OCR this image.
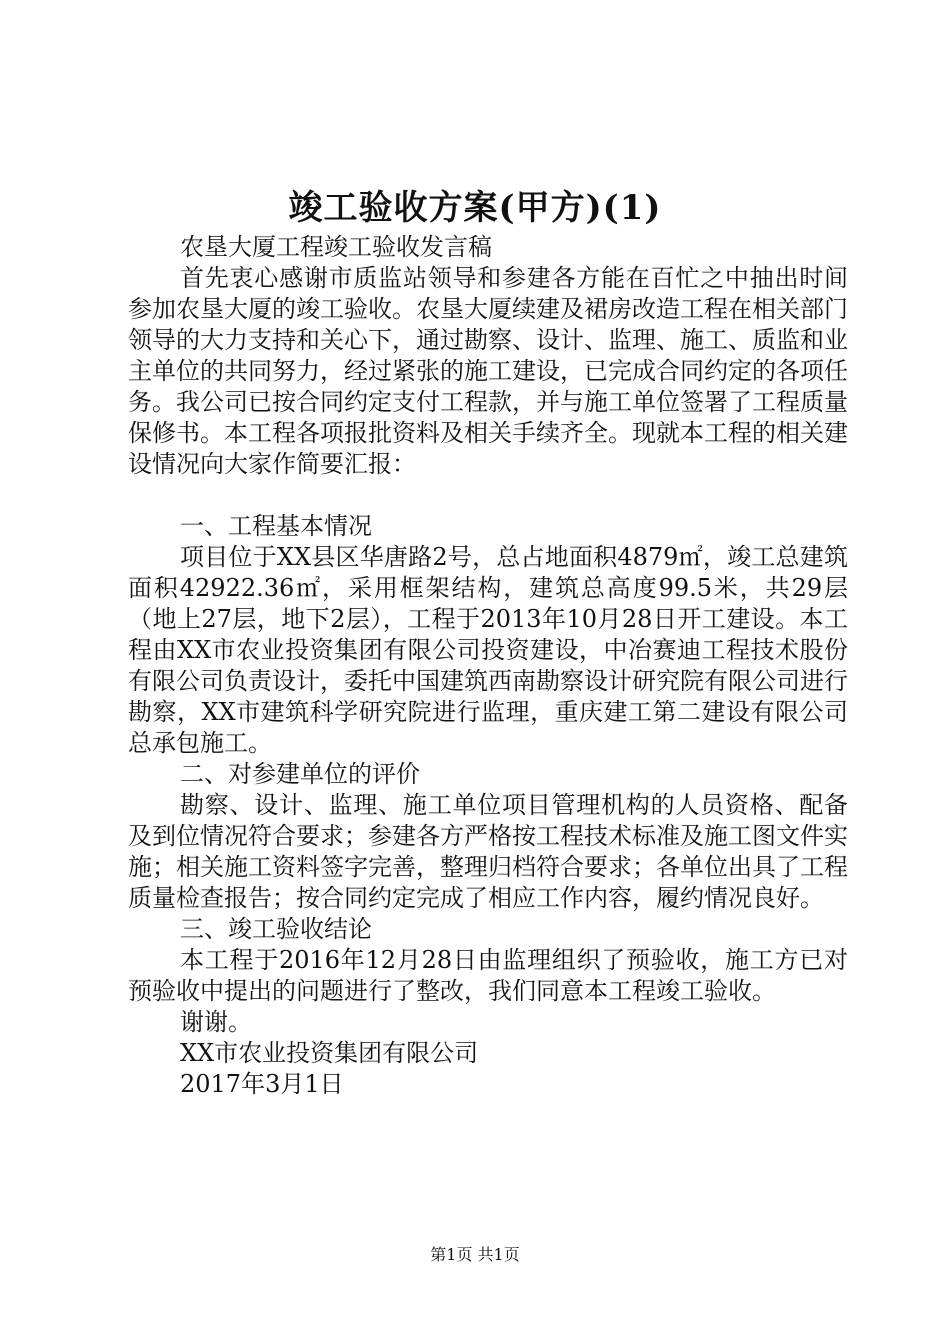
竣工验收方案(甲方)(1)

农垦大厦工程竣工验收发言稿

首先衷心感谢市质监站领导和参建各方能在百忙之中抽出时间参加农垦大厦的竣工验收。农垦大厦续建及裙房改造工程在相关部门领导的大力支持和关心下，通过勘察、设计、监理、施工、质监和业主单位的共同努力，经过紧张的施工建设，已完成合同约定的各项任务。我公司已按合同约定支付工程款，并与施工单位签署了工程质量保修书。本工程各项报批资料及相关手续齐全。现就本工程的相关建设情况向大家作简要汇报：

一、工程基本情况

项目位于XX县区华唐路2号，总占地面积4879㎡，竣工总建筑面积42922.36㎡，采用框架结构，建筑总高度99.5米，共29层（地上27层，地下2层），工程于2013年10月28日开工建设。本工程由XX市农业投资集团有限公司投资建设，中冶赛迪工程技术股份有限公司负责设计，委托中国建筑西南勘察设计研究院有限公司进行勘察，XX市建筑科学研究院进行监理，重庆建工第二建设有限公司总承包施工。

二、对参建单位的评价

勘察、设计、监理、施工单位项目管理机构的人员资格、配备及到位情况符合要求；参建各方严格按工程技术标准及施工图文件实施；相关施工资料签字完善，整理归档符合要求；各单位出具了工程质量检查报告；按合同约定完成了相应工作内容，履约情况良好。

三、竣工验收结论

本工程于2016年12月28日由监理组织了预验收，施工方已对预验收中提出的问题进行了整改，我们同意本工程竣工验收。

谢谢。

XX市农业投资集团有限公司

2017年3月1日

第1页 共1页
